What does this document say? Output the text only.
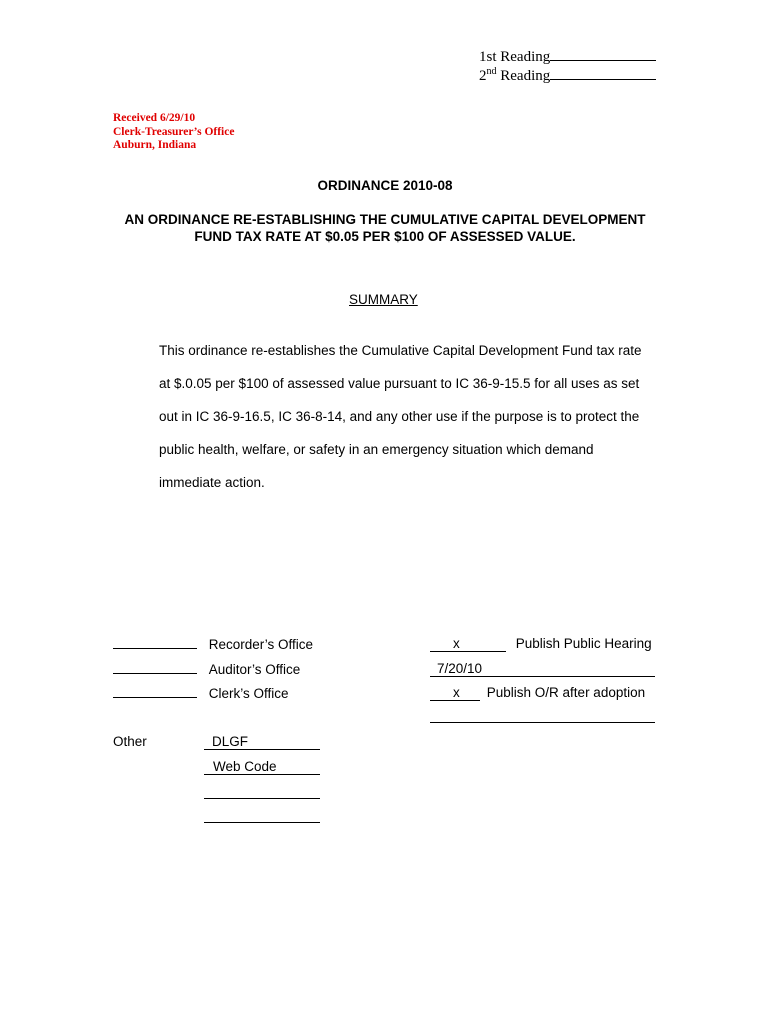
1st Reading
2nd Reading
Received 6/29/10
Clerk-Treasurer’s Office
Auburn, Indiana
ORDINANCE 2010-08
AN ORDINANCE RE-ESTABLISHING THE CUMULATIVE CAPITAL DEVELOPMENT
FUND TAX RATE AT $0.05 PER $100 OF ASSESSED VALUE.
SUMMARY
This ordinance re-establishes the Cumulative Capital Development Fund tax rate
at $.0.05 per $100 of assessed value pursuant to IC 36-9-15.5 for all uses as set
out in IC 36-9-16.5, IC 36-8-14, and any other use if the purpose is to protect the
public health, welfare, or safety in an emergency situation which demand
immediate action.
Recorder’s Office
Auditor’s Office
Clerk’s Office
Other	DLGF
Web Code
x	Publish Public Hearing
7/20/10
x Publish O/R after adoption
